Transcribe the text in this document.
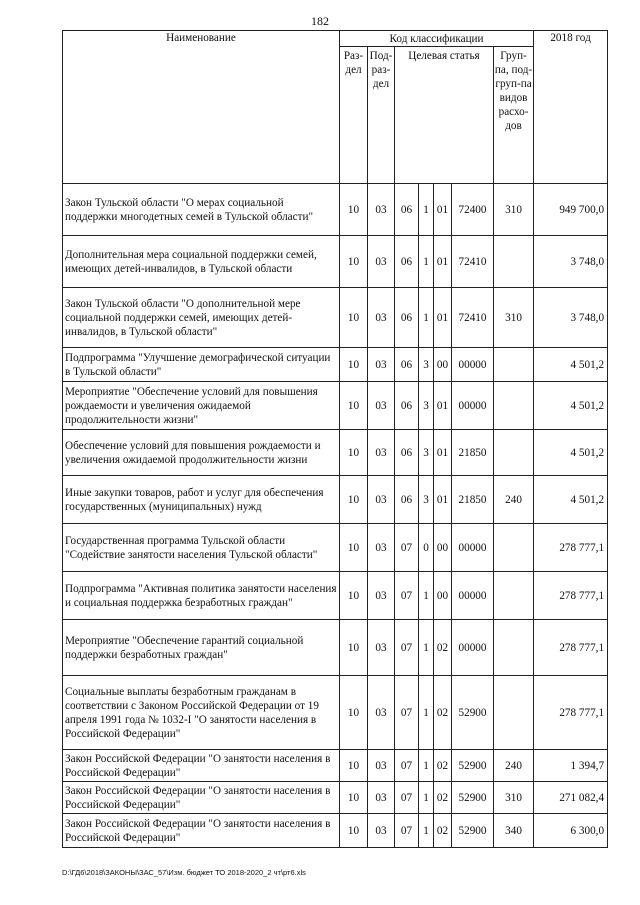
182
Наименование	Код классификации							2018 год
	Раз-дел	Под-раз-дел	Целевая статья				Груп-па, под-груп-па видов расхо-дов	
Закон Тульской области "О мерах социальной поддержки многодетных семей в Тульской области"	10	03	06	1	01	72400	310	949 700,0
Дополнительная мера социальной поддержки семей, имеющих детей-инвалидов, в Тульской области	10	03	06	1	01	72410		3 748,0
Закон Тульской области "О дополнительной мере социальной поддержки семей, имеющих детей-инвалидов, в Тульской области"	10	03	06	1	01	72410	310	3 748,0
Подпрограмма "Улучшение демографической ситуации в Тульской области"	10	03	06	3	00	00000		4 501,2
Мероприятие "Обеспечение условий для повышения рождаемости и увеличения ожидаемой продолжительности жизни"	10	03	06	3	01	00000		4 501,2
Обеспечение условий для повышения рождаемости и увеличения ожидаемой продолжительности жизни	10	03	06	3	01	21850		4 501,2
Иные закупки товаров, работ и услуг для обеспечения государственных (муниципальных) нужд	10	03	06	3	01	21850	240	4 501,2
Государственная программа Тульской области "Содействие занятости населения Тульской области"	10	03	07	0	00	00000		278 777,1
Подпрограмма "Активная политика занятости населения и социальная поддержка безработных граждан"	10	03	07	1	00	00000		278 777,1
Мероприятие "Обеспечение гарантий социальной поддержки безработных граждан"	10	03	07	1	02	00000		278 777,1
Социальные выплаты безработным гражданам в соответствии с Законом Российской Федерации от 19 апреля 1991 года № 1032-I "О занятости населения в Российской Федерации"	10	03	07	1	02	52900		278 777,1
Закон Российской Федерации "О занятости населения в Российской Федерации"	10	03	07	1	02	52900	240	1 394,7
Закон Российской Федерации "О занятости населения в Российской Федерации"	10	03	07	1	02	52900	310	271 082,4
Закон Российской Федерации "О занятости населения в Российской Федерации"	10	03	07	1	02	52900	340	6 300,0
D:\ГД6\2018\ЗАКОНЫ\ЗАС_57\Изм. бюджет ТО 2018-2020_2 чт\рт6.xls
